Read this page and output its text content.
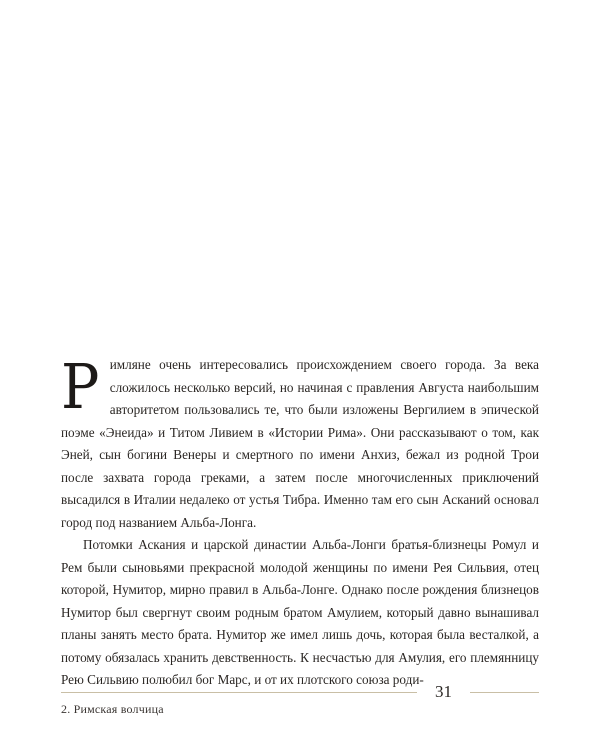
Римляне очень интересовались происхождением своего города. За века сложилось несколько версий, но начиная с правления Августа наибольшим авторитетом пользовались те, что были изложены Вергилием в эпической поэме «Энеида» и Титом Ливием в «Истории Рима». Они рассказывают о том, как Эней, сын богини Венеры и смертного по имени Анхиз, бежал из родной Трои после захвата города греками, а затем после многочисленных приключений высадился в Италии недалеко от устья Тибра. Именно там его сын Асканий основал город под названием Альба-Лонга.

Потомки Аскания и царской династии Альба-Лонги братья-близнецы Ромул и Рем были сыновьями прекрасной молодой женщины по имени Рея Сильвия, отец которой, Нумитор, мирно правил в Альба-Лонге. Однако после рождения близнецов Нумитор был свергнут своим родным братом Амулием, который давно вынашивал планы занять место брата. Нумитор же имел лишь дочь, которая была весталкой, а потому обязалась хранить девственность. К несчастью для Амулия, его племянницу Рею Сильвию полюбил бог Марс, и от их плотского союза роди-

31
2. Римская волчица
